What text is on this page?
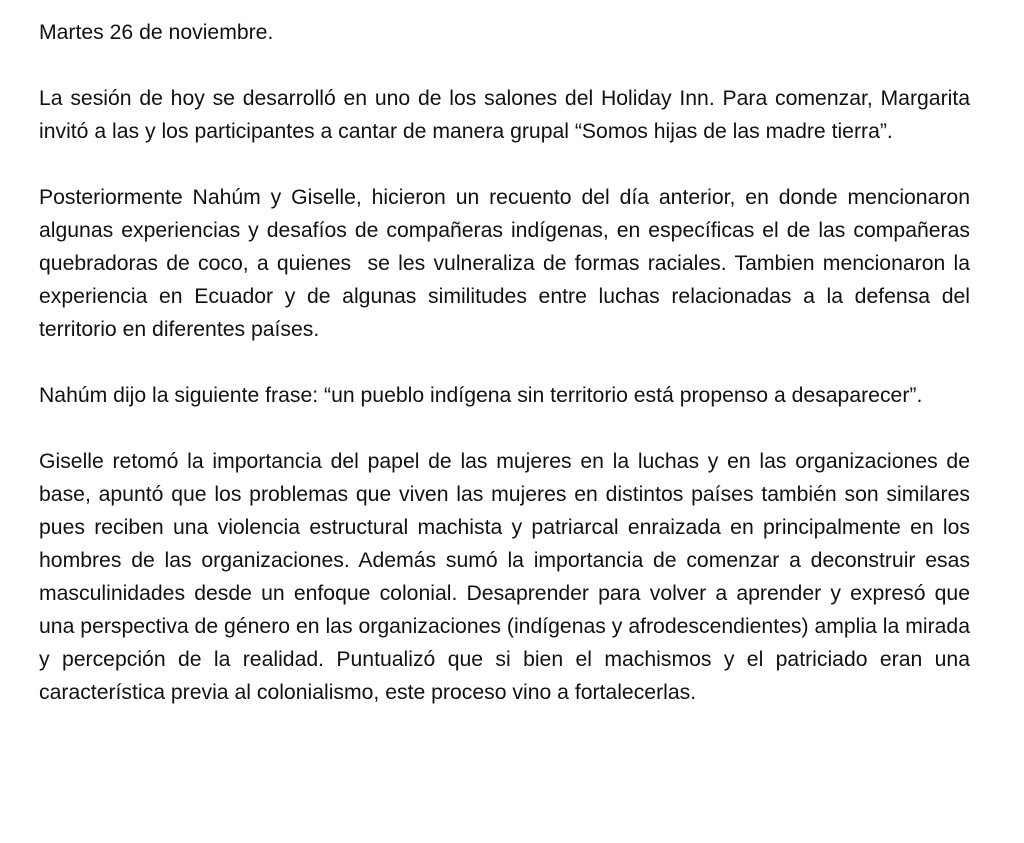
Martes 26 de noviembre.

La sesión de hoy se desarrolló en uno de los salones del Holiday Inn. Para comenzar, Margarita invitó a las y los participantes a cantar de manera grupal “Somos hijas de las madre tierra”.

Posteriormente Nahúm y Giselle, hicieron un recuento del día anterior, en donde mencionaron algunas experiencias y desafíos de compañeras indígenas, en específicas el de las compañeras quebradoras de coco, a quienes  se les vulneraliza de formas raciales. Tambien mencionaron la experiencia en Ecuador y de algunas similitudes entre luchas relacionadas a la defensa del territorio en diferentes países.

Nahúm dijo la siguiente frase: “un pueblo indígena sin territorio está propenso a desaparecer”.

Giselle retomó la importancia del papel de las mujeres en la luchas y en las organizaciones de base, apuntó que los problemas que viven las mujeres en distintos países también son similares pues reciben una violencia estructural machista y patriarcal enraizada en principalmente en los hombres de las organizaciones. Además sumó la importancia de comenzar a deconstruir esas masculinidades desde un enfoque colonial. Desaprender para volver a aprender y expresó que una perspectiva de género en las organizaciones (indígenas y afrodescendientes) amplia la mirada y percepción de la realidad. Puntualizó que si bien el machismos y el patriciado eran una característica previa al colonialismo, este proceso vino a fortalecerlas.
